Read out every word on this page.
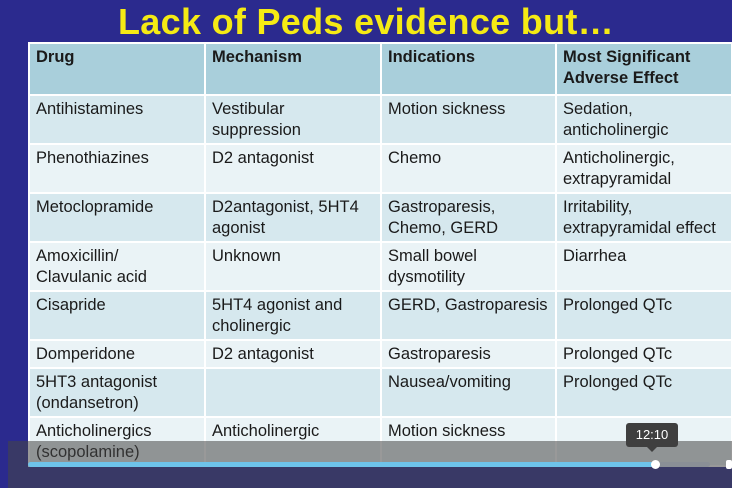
Lack of Peds evidence but…
Drug	Mechanism	Indications	Most Significant Adverse Effect
Antihistamines	Vestibular suppression	Motion sickness	Sedation, anticholinergic
Phenothiazines	D2 antagonist	Chemo	Anticholinergic, extrapyramidal
Metoclopramide	D2antagonist, 5HT4 agonist	Gastroparesis, Chemo, GERD	Irritability, extrapyramidal effect
Amoxicillin/ Clavulanic acid	Unknown	Small bowel dysmotility	Diarrhea
Cisapride	5HT4 agonist and cholinergic	GERD, Gastroparesis	Prolonged QTc
Domperidone	D2 antagonist	Gastroparesis	Prolonged QTc
5HT3 antagonist (ondansetron)		Nausea/vomiting	Prolonged QTc
Anticholinergics	Anticholinergic	Motion sickness		12:10
